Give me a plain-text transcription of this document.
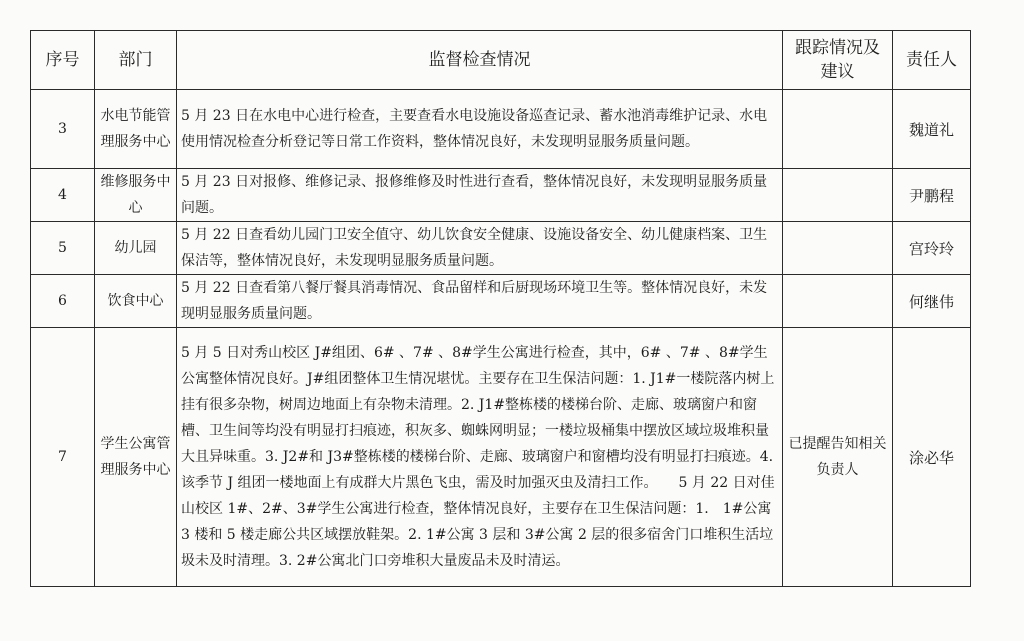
序号	部门	监督检查情况	跟踪情况及建议	责任人
3	水电节能管理服务中心	5 月 23 日在水电中心进行检查，主要查看水电设施设备巡查记录、蓄水池消毒维护记录、水电使用情况检查分析登记等日常工作资料，整体情况良好，未发现明显服务质量问题。		魏道礼
4	维修服务中心	5 月 23 日对报修、维修记录、报修维修及时性进行查看，整体情况良好，未发现明显服务质量问题。		尹鹏程
5	幼儿园	5 月 22 日查看幼儿园门卫安全值守、幼儿饮食安全健康、设施设备安全、幼儿健康档案、卫生保洁等，整体情况良好，未发现明显服务质量问题。		宫玲玲
6	饮食中心	5 月 22 日查看第八餐厅餐具消毒情况、食品留样和后厨现场环境卫生等。整体情况良好，未发现明显服务质量问题。		何继伟
7	学生公寓管理服务中心	5 月 5 日对秀山校区 J#组团、6# 、7# 、8#学生公寓进行检查，其中，6# 、7# 、8#学生公寓整体情况良好。J#组团整体卫生情况堪忧。主要存在卫生保洁问题：1. J1#一楼院落内树上挂有很多杂物，树周边地面上有杂物未清理。2. J1#整栋楼的楼梯台阶、走廊、玻璃窗户和窗槽、卫生间等均没有明显打扫痕迹，积灰多、蜘蛛网明显；一楼垃圾桶集中摆放区域垃圾堆积量大且异味重。3. J2#和 J3#整栋楼的楼梯台阶、走廊、玻璃窗户和窗槽均没有明显打扫痕迹。4.该季节 J 组团一楼地面上有成群大片黑色飞虫，需及时加强灭虫及清扫工作。　　5 月 22 日对佳山校区 1#、2#、3#学生公寓进行检查，整体情况良好，主要存在卫生保洁问题：1.　1#公寓 3 楼和 5 楼走廊公共区域摆放鞋架。2. 1#公寓 3 层和 3#公寓 2 层的很多宿舍门口堆积生活垃圾未及时清理。3. 2#公寓北门口旁堆积大量废品未及时清运。	已提醒告知相关负责人	涂必华
